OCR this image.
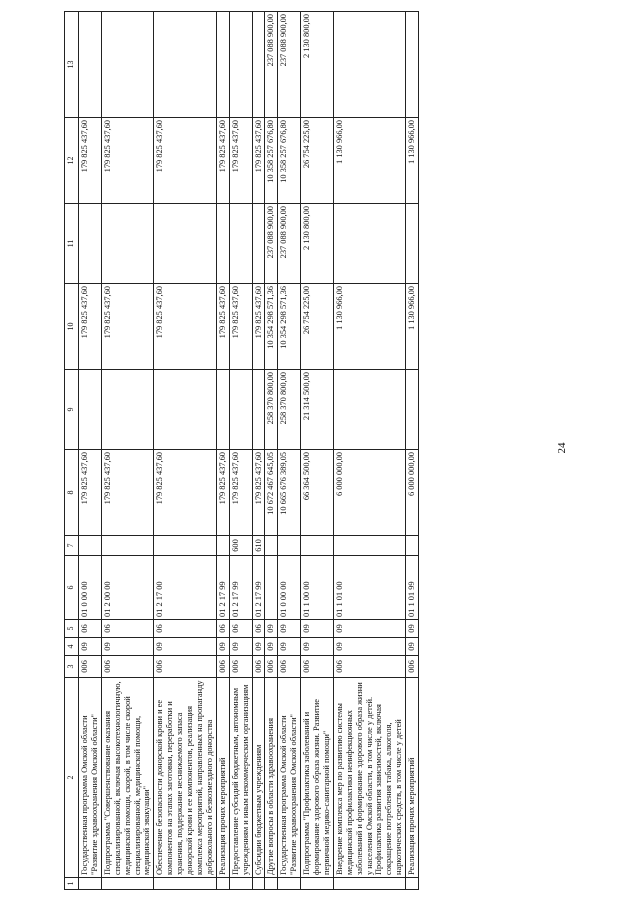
24
1	2	3	4	5	6	7	8	9	10	11	12	13
	Государственная программа Омской области "Развитие здравоохранения Омской области"	006	09	06	01 0 00 00		179 825 437,60		179 825 437,60		179 825 437,60	
	Подпрограмма "Совершенствование оказания специализированной, включая высокотехнологичную, медицинской помощи, скорой, в том числе скорой специализированной, медицинской помощи, медицинской эвакуации"	006	09	06	01 2 00 00		179 825 437,60		179 825 437,60		179 825 437,60	
	Обеспечение безопасности донорской крови и ее компонентов на этапах заготовки, переработки и хранения, поддержание неснижаемого запаса донорской крови и ее компонентов, реализация комплекса мероприятий, направленных на пропаганду добровольного и безвозмездного донорства	006	09	06	01 2 17 00		179 825 437,60		179 825 437,60		179 825 437,60	
	Реализация прочих мероприятий	006	09	06	01 2 17 99		179 825 437,60		179 825 437,60		179 825 437,60	
	Предоставление субсидий бюджетным, автономным учреждениям и иным некоммерческим организациям	006	09	06	01 2 17 99	600	179 825 437,60		179 825 437,60		179 825 437,60	
	Субсидии бюджетным учреждениям	006	09	06	01 2 17 99	610	179 825 437,60		179 825 437,60		179 825 437,60	
	Другие вопросы в области здравоохранения	006	09	09			10 672 467 645,05	258 370 800,00	10 354 298 571,36	237 088 900,00	10 358 257 676,80	237 088 900,00
	Государственная программа Омской области "Развитие здравоохранения Омской области"	006	09	09	01 0 00 00		10 665 676 389,05	258 370 800,00	10 354 298 571,36	237 088 900,00	10 358 257 676,80	237 088 900,00
	Подпрограмма "Профилактика заболеваний и формирование здорового образа жизни. Развитие первичной медико-санитарной помощи"	006	09	09	01 1 00 00		66 364 500,00	21 314 500,00	26 754 225,00	2 130 800,00	26 754 225,00	2 130 800,00
	Внедрение комплекса мер по развитию системы медицинской профилактики неинфекционных заболеваний и формирование здорового образа жизни у населения Омской области, в том числе у детей. Профилактика развития зависимостей, включая сокращение потребления табака, алкоголя, наркотических средств, в том числе у детей	006	09	09	01 1 01 00		6 000 000,00		1 130 966,00		1 130 966,00	
	Реализация прочих мероприятий	006	09	09	01 1 01 99		6 000 000,00		1 130 966,00		1 130 966,00	
